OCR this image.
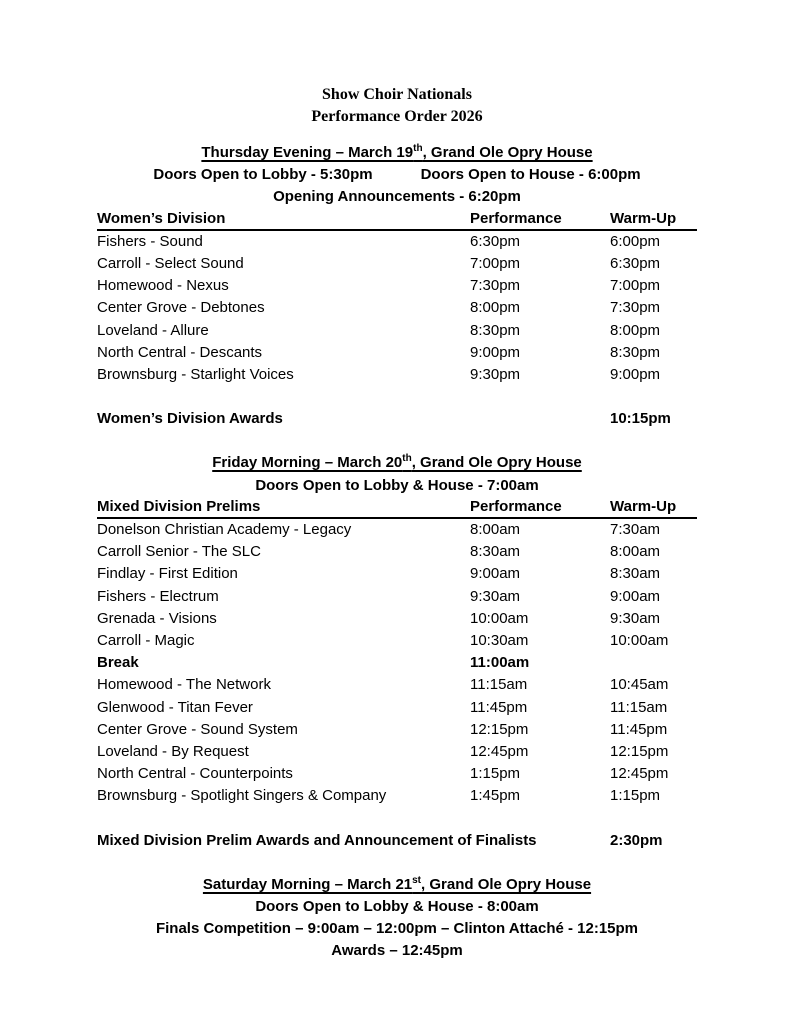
Show Choir Nationals
Performance Order 2026
Thursday Evening – March 19th, Grand Ole Opry House
Doors Open to Lobby - 5:30pm	Doors Open to House - 6:00pm
Opening Announcements - 6:20pm
Women’s Division	Performance	Warm-Up
Fishers - Sound	6:30pm	6:00pm
Carroll - Select Sound	7:00pm	6:30pm
Homewood - Nexus	7:30pm	7:00pm
Center Grove - Debtones	8:00pm	7:30pm
Loveland - Allure	8:30pm	8:00pm
North Central - Descants	9:00pm	8:30pm
Brownsburg - Starlight Voices	9:30pm	9:00pm
Women’s Division Awards	10:15pm
Friday Morning – March 20th, Grand Ole Opry House
Doors Open to Lobby & House - 7:00am
Mixed Division Prelims	Performance	Warm-Up
Donelson Christian Academy - Legacy	8:00am	7:30am
Carroll Senior - The SLC	8:30am	8:00am
Findlay - First Edition	9:00am	8:30am
Fishers - Electrum	9:30am	9:00am
Grenada - Visions	10:00am	9:30am
Carroll - Magic	10:30am	10:00am
Break	11:00am
Homewood - The Network	11:15am	10:45am
Glenwood - Titan Fever	11:45pm	11:15am
Center Grove - Sound System	12:15pm	11:45pm
Loveland - By Request	12:45pm	12:15pm
North Central - Counterpoints	1:15pm	12:45pm
Brownsburg - Spotlight Singers & Company	1:45pm	1:15pm
Mixed Division Prelim Awards and Announcement of Finalists	2:30pm
Saturday Morning – March 21st, Grand Ole Opry House
Doors Open to Lobby & House - 8:00am
Finals Competition – 9:00am – 12:00pm – Clinton Attaché - 12:15pm
Awards – 12:45pm
